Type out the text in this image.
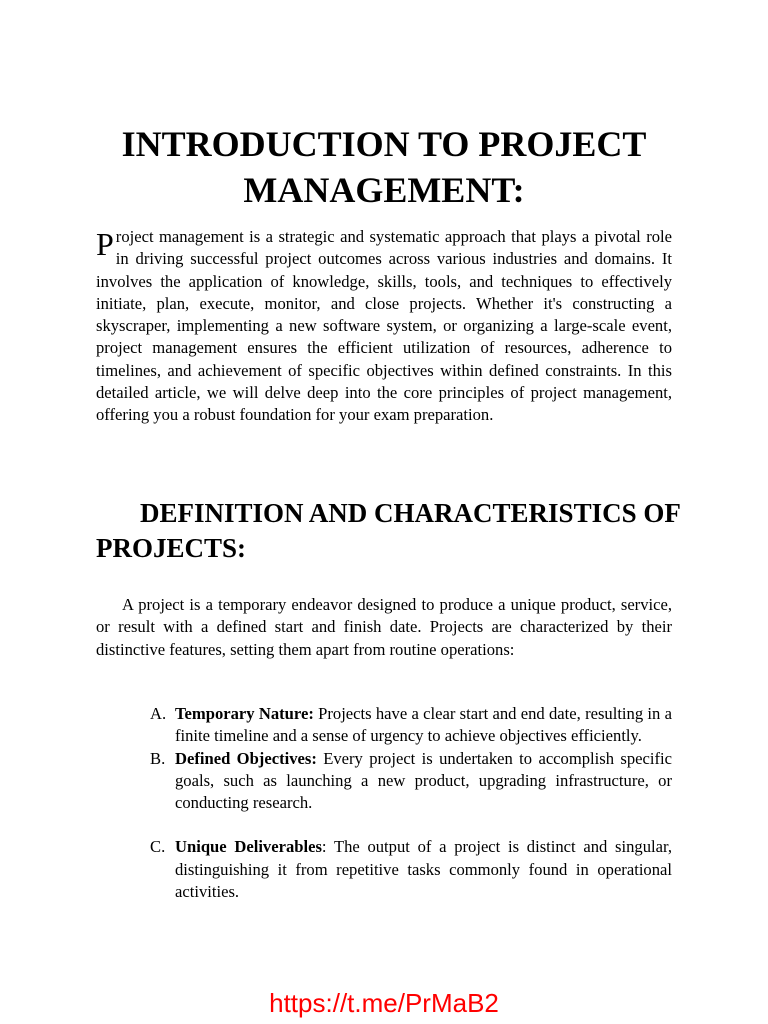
INTRODUCTION TO PROJECT MANAGEMENT:

Project management is a strategic and systematic approach that plays a pivotal role in driving successful project outcomes across various industries and domains. It involves the application of knowledge, skills, tools, and techniques to effectively initiate, plan, execute, monitor, and close projects. Whether it's constructing a skyscraper, implementing a new software system, or organizing a large-scale event, project management ensures the efficient utilization of resources, adherence to timelines, and achievement of specific objectives within defined constraints. In this detailed article, we will delve deep into the core principles of project management, offering you a robust foundation for your exam preparation.

DEFINITION AND CHARACTERISTICS OF PROJECTS:

A project is a temporary endeavor designed to produce a unique product, service, or result with a defined start and finish date. Projects are characterized by their distinctive features, setting them apart from routine operations:

A. Temporary Nature: Projects have a clear start and end date, resulting in a finite timeline and a sense of urgency to achieve objectives efficiently.
B. Defined Objectives: Every project is undertaken to accomplish specific goals, such as launching a new product, upgrading infrastructure, or conducting research.
C. Unique Deliverables: The output of a project is distinct and singular, distinguishing it from repetitive tasks commonly found in operational activities.
https://t.me/PrMaB2
